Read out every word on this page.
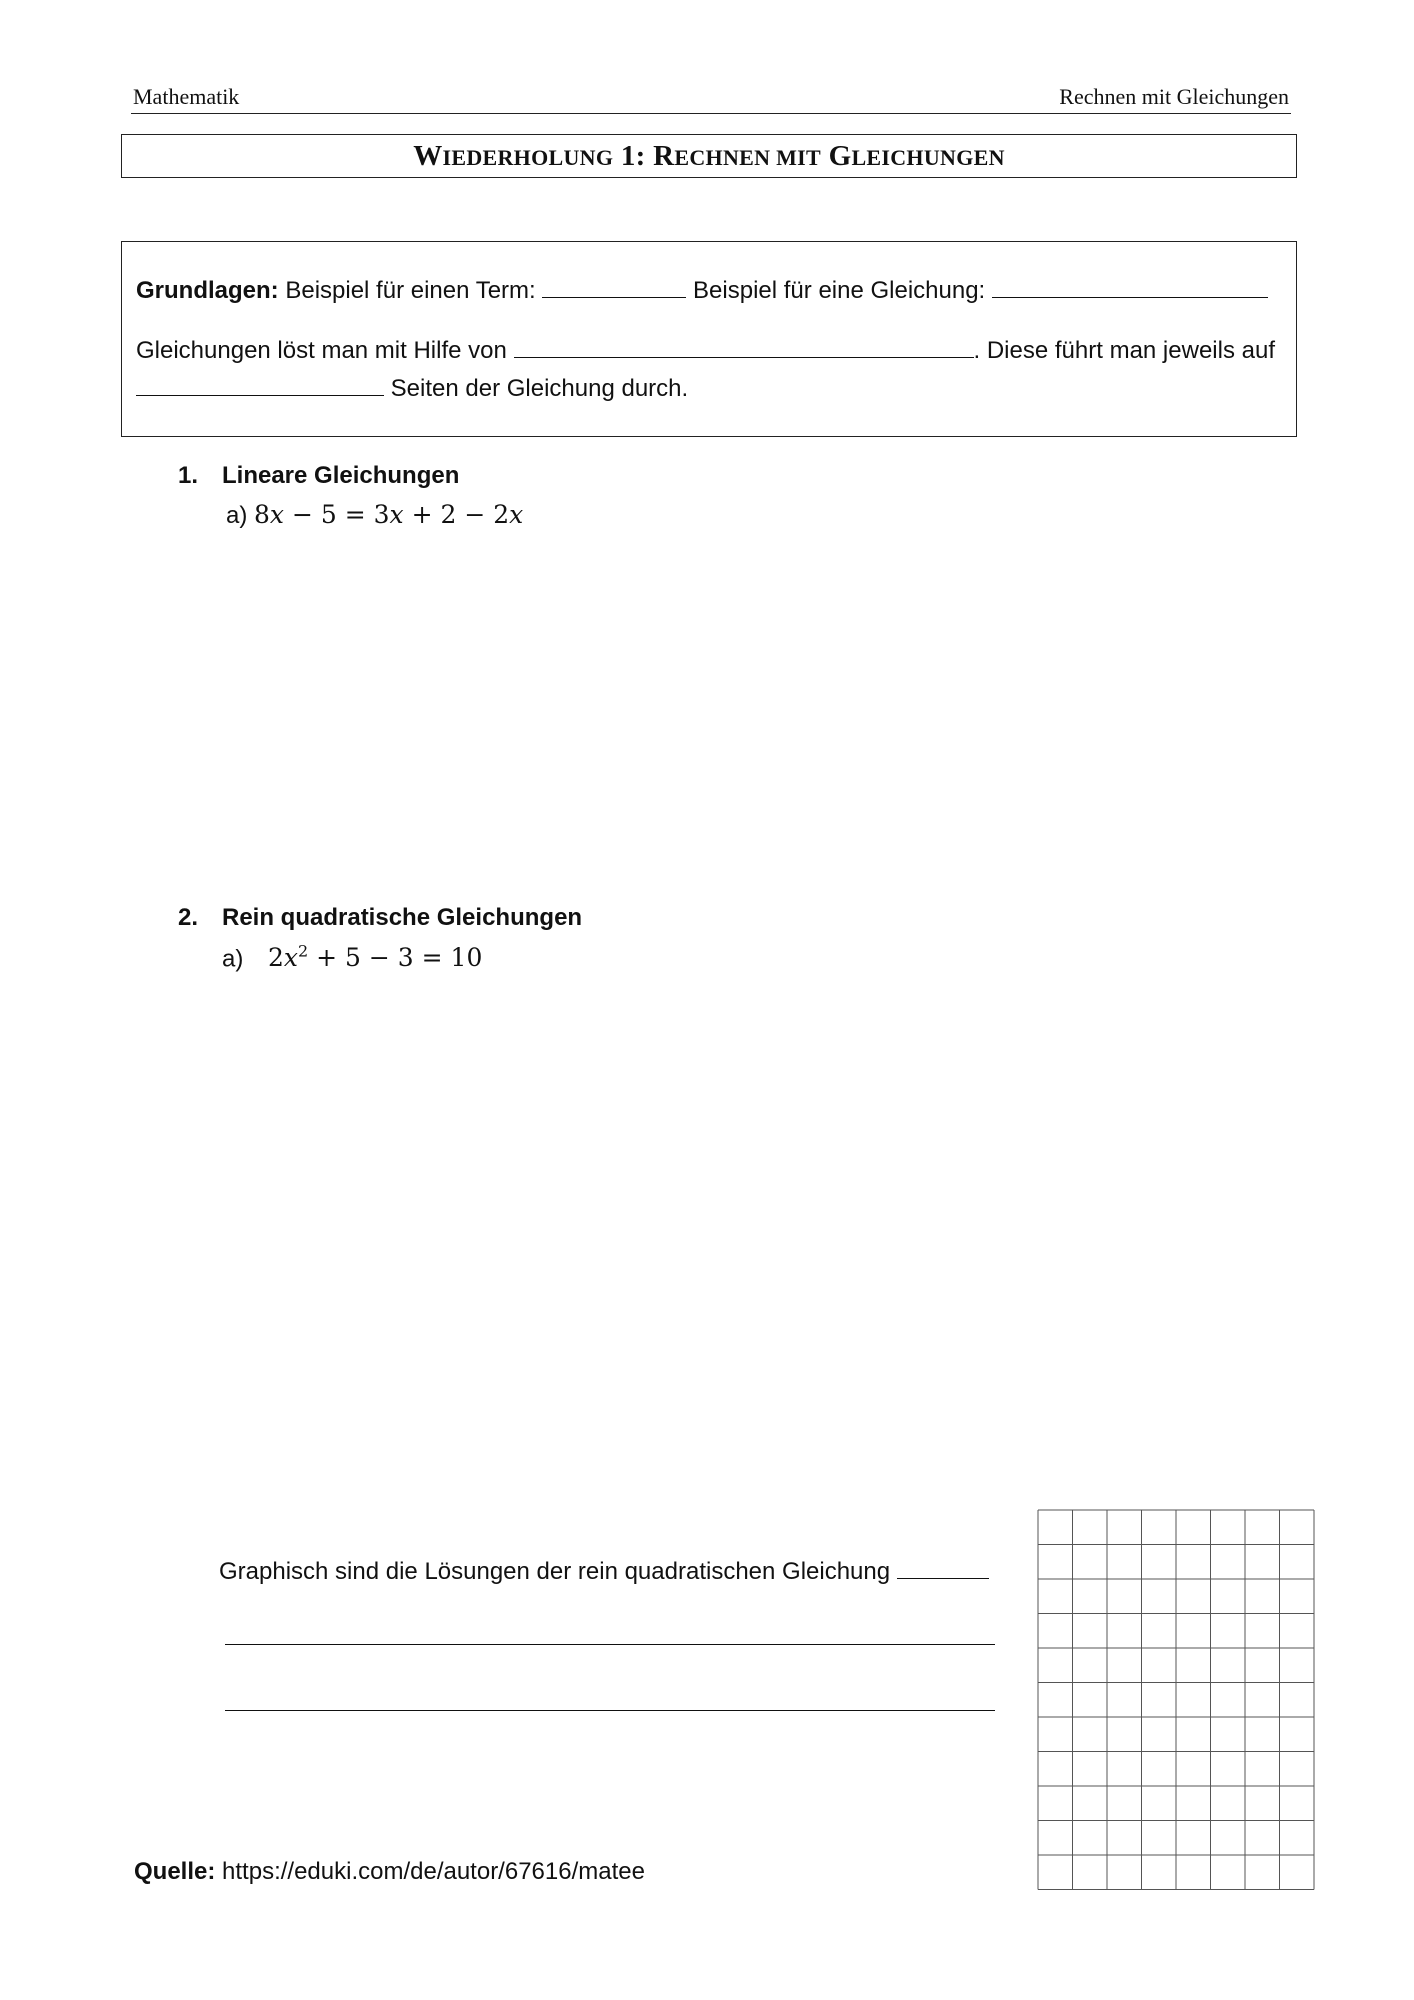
Mathematik	Rechnen mit Gleichungen
WIEDERHOLUNG 1: RECHNEN MIT GLEICHUNGEN

Grundlagen: Beispiel für einen Term:	Beispiel für eine Gleichung:

Gleichungen löst man mit Hilfe von	. Diese führt man jeweils auf
Seiten der Gleichung durch.

1. Lineare Gleichungen
a) 8x − 5 = 3x + 2 − 2x
2. Rein quadratische Gleichungen
a) $2x^2 + 5 - 3 = 10$
Graphisch sind die Lösungen der rein quadratischen Gleichung
Quelle: https://eduki.com/de/autor/67616/matee
